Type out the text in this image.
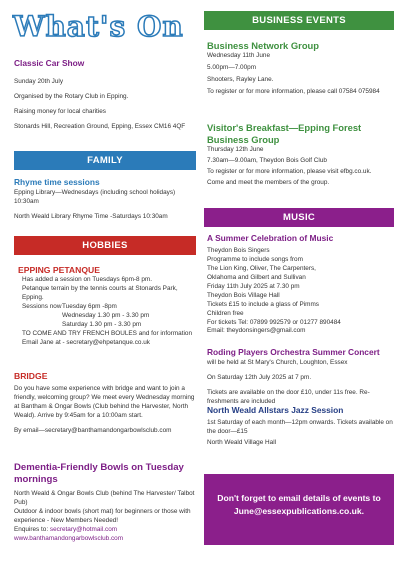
What's On
Classic Car Show
Sunday 20th July
Organised by the Rotary Club in Epping.
Raising money for local charities
Stonards Hill, Recreation Ground, Epping, Essex CM16 4QF
FAMILY
Rhyme time sessions
Epping Library—Wednesdays (including school holidays) 10:30am
North Weald Library Rhyme Time -Saturdays 10:30am
HOBBIES
EPPING PETANQUE
Has added a session on Tuesdays 6pm-8 pm.
Petanque terrain by the tennis courts at Stonards Park, Epping.
Sessions now Tuesday 6pm -8pm
Wednesday 1.30 pm - 3.30 pm
Saturday 1.30 pm - 3.30 pm
TO COME AND TRY FRENCH BOULES and for information Email Jane at - secretary@ehpetanque.co.uk
BRIDGE
Do you have some experience with bridge and want to join a friendly, welcoming group? We meet every Wednesday morning at Bantham & Ongar Bowls (Club behind the Harvester, North Weald). Arrive by 9:45am for a 10:00am start.
By email—secretary@banthamandongarbowlsclub.com
Dementia-Friendly Bowls on Tuesday mornings
North Weald & Ongar Bowls Club (behind The Harvester/ Talbot Pub)
Outdoor & indoor bowls (short mat) for beginners or those with experience - New Members Needed!
Enquires to: secretary@hotmail.com
www.banthamandongarbowlsclub.com
BUSINESS EVENTS
Business Network Group
Wednesday 11th June
5.00pm—7.00pm
Shooters, Rayley Lane.
To register or for more information, please call 07584 075984
Visitor's Breakfast—Epping Forest Business Group
Thursday 12th June
7.30am—9.00am, Theydon Bois Golf Club
To register or for more information, please visit efbg.co.uk.
Come and meet the members of the group.
MUSIC
A Summer Celebration of Music
Theydon Bois Singers
Programme to include songs from
The Lion King, Oliver, The Carpenters,
Oklahoma and Gilbert and Sullivan
Friday 11th July 2025 at 7.30 pm
Theydon Bois Village Hall
Tickets £15 to include a glass of Pimms
Children free
For tickets Tel: 07899 992579 or 01277 890484
Email: theydonsingers@gmail.com
Roding Players Orchestra Summer Concert
will be held at St Mary's Church, Loughton, Essex
On Saturday 12th July 2025 at 7 pm.
Tickets are available on the door £10, under 11s free. Refreshments are included
North Weald Allstars Jazz Session
1st Saturday of each month—12pm onwards. Tickets available on the door—£15
North Weald Village Hall
Don't forget to email details of events to
June@essexpublications.co.uk.
